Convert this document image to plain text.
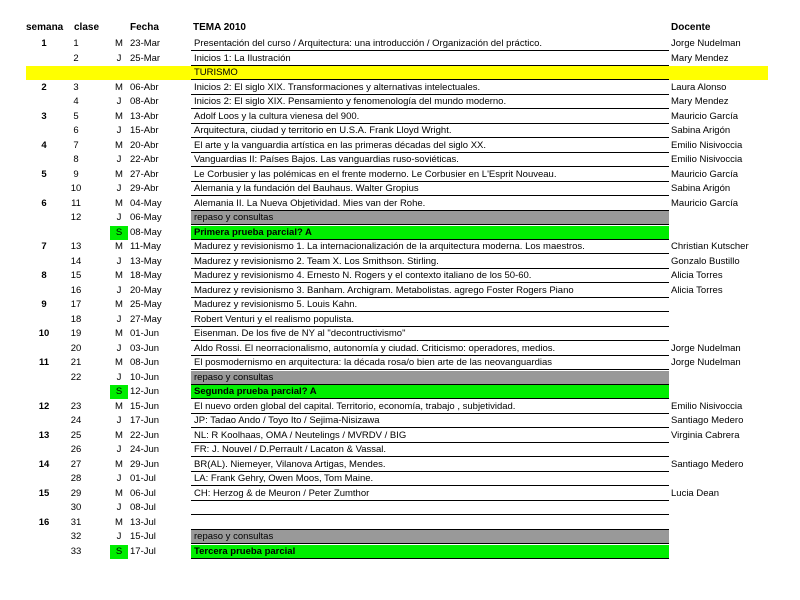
semana clase	Fecha	TEMA 2010	Docente
1	1	M 23-Mar	Presentación del curso / Arquitectura: una introducción / Organización del práctico.	Jorge Nudelman
2	J 25-Mar	Inicios 1: La Ilustración	Mary Mendez
TURISMO
2	3	M 06-Abr	Inicios 2: El siglo XIX. Transformaciones y alternativas intelectuales.	Laura Alonso
4	J 08-Abr	Inicios 2: El siglo XIX. Pensamiento y fenomenología del mundo moderno.	Mary Mendez
3	5	M 13-Abr	Adolf Loos y la cultura vienesa del 900.	Mauricio García
6	J 15-Abr	Arquitectura, ciudad y territorio en U.S.A. Frank Lloyd Wright.	Sabina Arigón
4	7	M 20-Abr	El arte y la vanguardia artística en las primeras décadas del siglo XX.	Emilio Nisivoccia
8	J 22-Abr	Vanguardias II: Países Bajos. Las vanguardias ruso-soviéticas.	Emilio Nisivoccia
5	9	M 27-Abr	Le Corbusier y las polémicas en el frente moderno. Le Corbusier en L'Esprit Nouveau.	Mauricio García
10	J 29-Abr	Alemania y la fundación del Bauhaus. Walter Gropius	Sabina Arigón
6	11	M 04-May	Alemania II. La Nueva Objetividad. Mies van der Rohe.	Mauricio García
12	J 06-May	repaso y consultas
S 08-May	Primera prueba parcial? A
7	13	M 11-May	Madurez y revisionismo 1. La internacionalización de la arquitectura moderna. Los maestros.	Christian Kutscher
14	J 13-May	Madurez y revisionismo 2. Team X. Los Smithson. Stirling.	Gonzalo Bustillo
8	15	M 18-May	Madurez y revisionismo 4. Ernesto N. Rogers y el contexto italiano de los 50-60.	Alicia Torres
16	J 20-May	Madurez y revisionismo 3. Banham. Archigram. Metabolistas. agrego Foster Rogers Piano	Alicia Torres
9	17	M 25-May	Madurez y revisionismo 5. Louis Kahn.
18	J 27-May	Robert Venturi y el realismo populista.
10	19	M 01-Jun	Eisenman. De los five de NY al "decontructivismo"
20	J 03-Jun	Aldo Rossi. El neorracionalismo, autonomía y ciudad. Criticismo: operadores, medios.	Jorge Nudelman
11	21	M 08-Jun	El posmodernismo en arquitectura: la década rosa/o bien arte de las neovanguardias	Jorge Nudelman
22	J 10-Jun	repaso y consultas
S 12-Jun	Segunda prueba parcial? A
12	23	M 15-Jun	El nuevo orden global del capital. Territorio, economía, trabajo , subjetividad.	Emilio Nisivoccia
24	J 17-Jun	JP: Tadao Ando / Toyo Ito / Sejima-Nisizawa	Santiago Medero
13	25	M 22-Jun	NL: R Koolhaas, OMA / Neutelings / MVRDV / BIG	Virginia Cabrera
26	J 24-Jun	FR: J. Nouvel / D.Perrault / Lacaton & Vassal.
14	27	M 29-Jun	BR(AL). Niemeyer, Vilanova Artigas, Mendes.	Santiago Medero
28	J 01-Jul	LA: Frank Gehry, Owen Moos, Tom Maine.
15	29	M 06-Jul	CH: Herzog & de Meuron / Peter Zumthor	Lucia Dean
30	J 08-Jul
16	31	M 13-Jul
32	J 15-Jul	repaso y consultas
33	S 17-Jul	Tercera prueba parcial
